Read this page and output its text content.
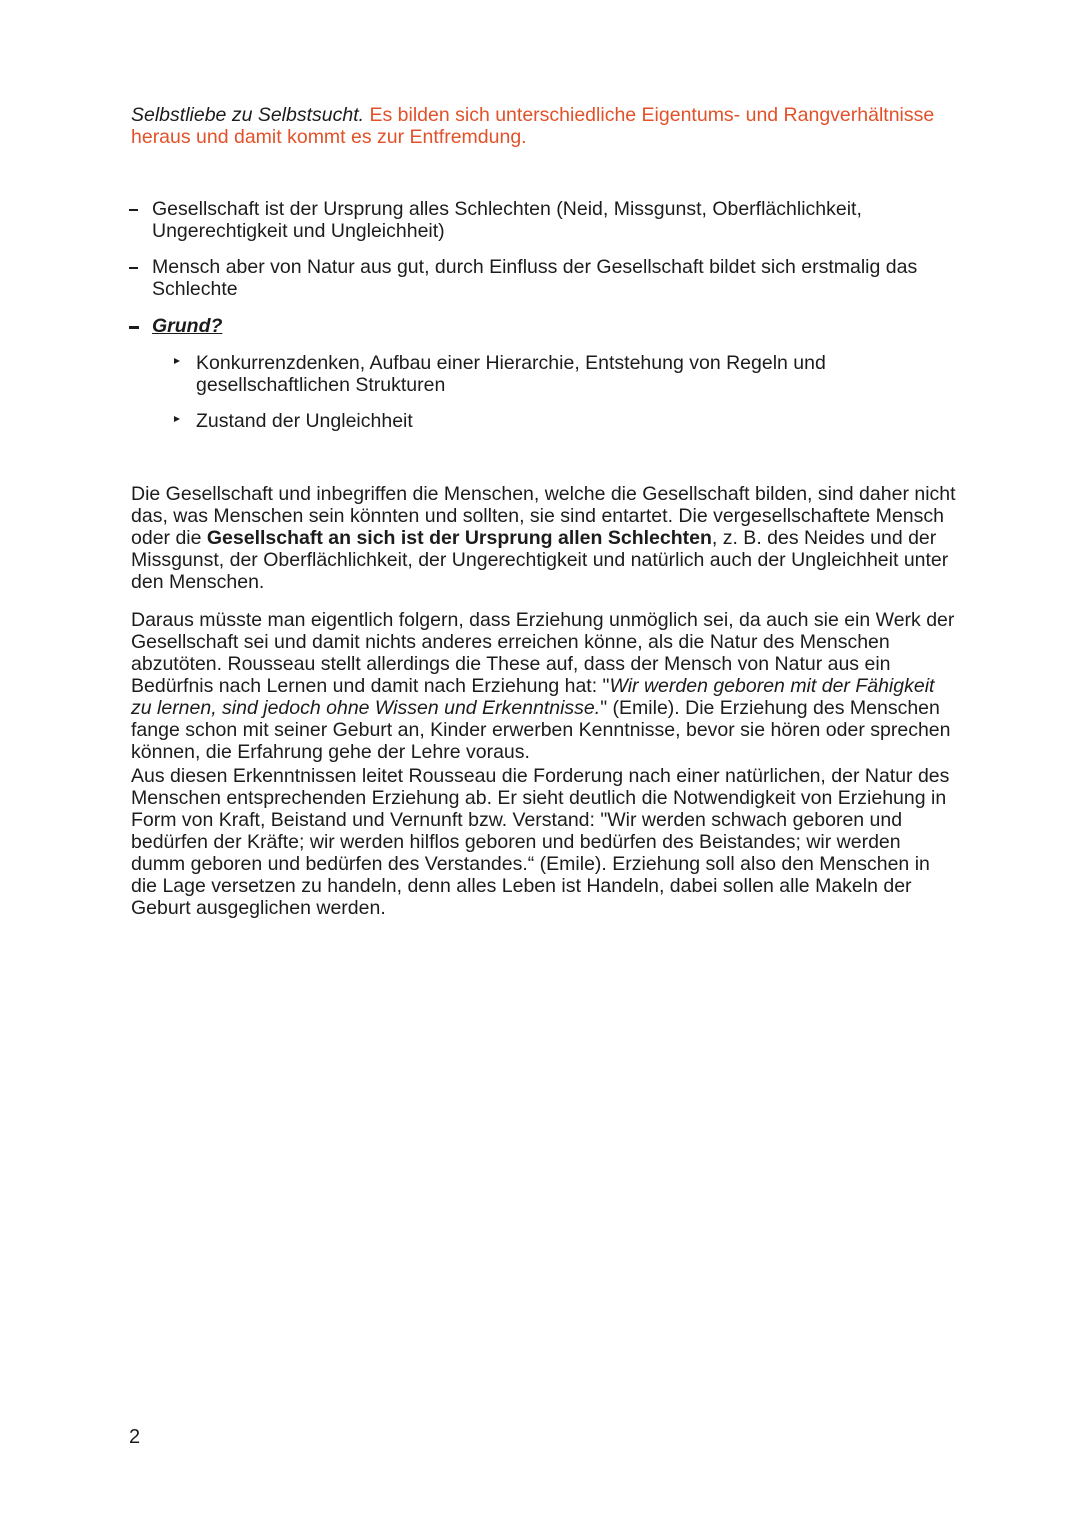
Selbstliebe zu Selbstsucht. Es bilden sich unterschiedliche Eigentums- und Rangverhältnisse heraus und damit kommt es zur Entfremdung.
Gesellschaft ist der Ursprung alles Schlechten (Neid, Missgunst, Oberflächlichkeit, Ungerechtigkeit und Ungleichheit)
Mensch aber von Natur aus gut, durch Einfluss der Gesellschaft bildet sich erstmalig das Schlechte
Grund?
Konkurrenzdenken, Aufbau einer Hierarchie, Entstehung von Regeln und gesellschaftlichen Strukturen
Zustand der Ungleichheit
Die Gesellschaft und inbegriffen die Menschen, welche die Gesellschaft bilden, sind daher nicht das, was Menschen sein könnten und sollten, sie sind entartet. Die vergesellschaftete Mensch oder die Gesellschaft an sich ist der Ursprung allen Schlechten, z. B. des Neides und der Missgunst, der Oberflächlichkeit, der Ungerechtigkeit und natürlich auch der Ungleichheit unter den Menschen.
Daraus müsste man eigentlich folgern, dass Erziehung unmöglich sei, da auch sie ein Werk der Gesellschaft sei und damit nichts anderes erreichen könne, als die Natur des Menschen abzutöten. Rousseau stellt allerdings die These auf, dass der Mensch von Natur aus ein Bedürfnis nach Lernen und damit nach Erziehung hat: "Wir werden geboren mit der Fähigkeit zu lernen, sind jedoch ohne Wissen und Erkenntnisse." (Emile). Die Erziehung des Menschen fange schon mit seiner Geburt an, Kinder erwerben Kenntnisse, bevor sie hören oder sprechen können, die Erfahrung gehe der Lehre voraus.
Aus diesen Erkenntnissen leitet Rousseau die Forderung nach einer natürlichen, der Natur des Menschen entsprechenden Erziehung ab. Er sieht deutlich die Notwendigkeit von Erziehung in Form von Kraft, Beistand und Vernunft bzw. Verstand: "Wir werden schwach geboren und bedürfen der Kräfte; wir werden hilflos geboren und bedürfen des Beistandes; wir werden dumm geboren und bedürfen des Verstandes.“ (Emile). Erziehung soll also den Menschen in die Lage versetzen zu handeln, denn alles Leben ist Handeln, dabei sollen alle Makeln der Geburt ausgeglichen werden.
2
